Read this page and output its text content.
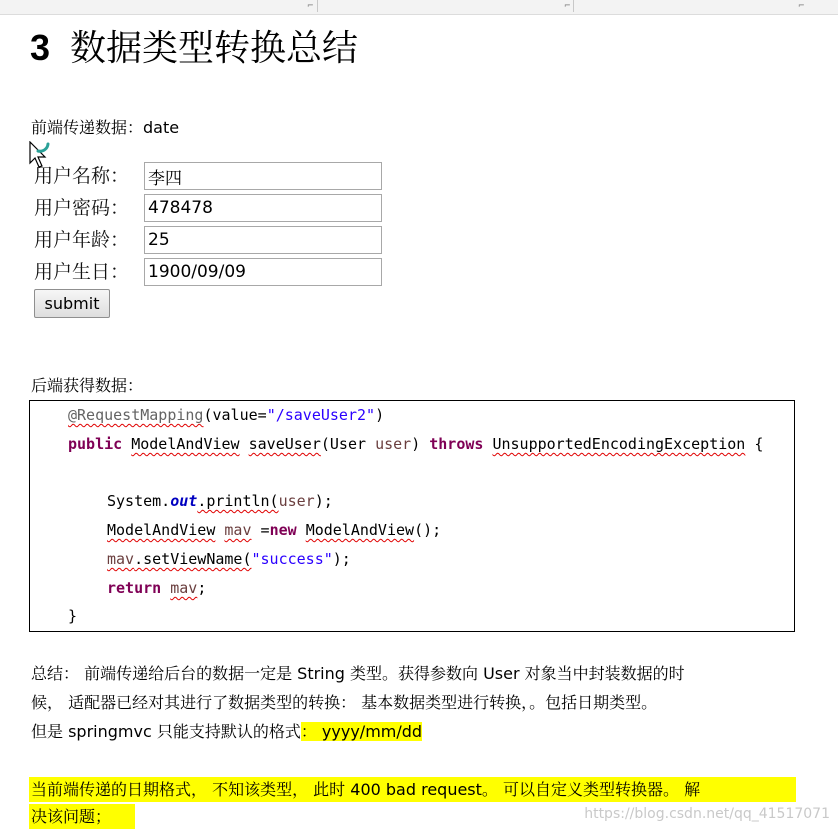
⌐	⌐	⌐
3 数据类型转换总结
前端传递数据：date
用户名称：
李四
用户密码：
478478
用户年龄：
25
用户生日：
1900/09/09
submit
后端获得数据：
@RequestMapping(value="/saveUser2")
public ModelAndView saveUser(User user) throws UnsupportedEncodingException {
System.out.println(user);
ModelAndView mav =new ModelAndView();
mav.setViewName("success");
return mav;
}
总结： 前端传递给后台的数据一定是 String 类型。获得参数向 User 对象当中封装数据的时
候， 适配器已经对其进行了数据类型的转换： 基本数据类型进行转换，。包括日期类型。
但是 springmvc 只能支持默认的格式： yyyy/mm/dd
当前端传递的日期格式， 不知该类型， 此时 400 bad request。 可以自定义类型转换器。 解
决该问题；	https://blog.csdn.net/qq_41517071
